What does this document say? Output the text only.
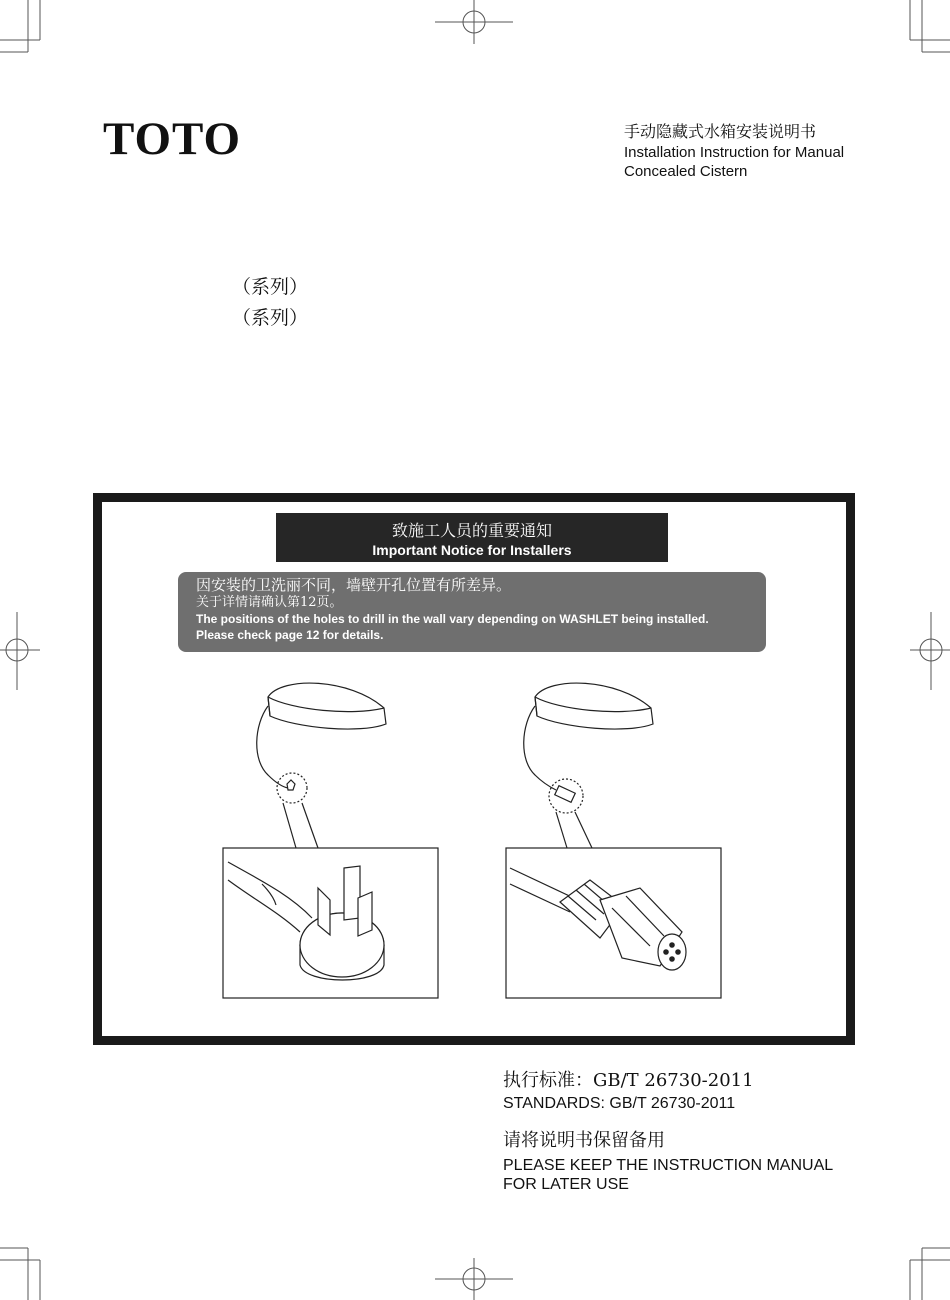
TOTO	手动隐藏式水箱安装说明书
Installation Instruction for Manual
Concealed Cistern
（系列）
（系列）
致施工人员的重要通知
Important Notice for Installers
因安装的卫洗丽不同，墙壁开孔位置有所差异。
关于详情请确认第12页。
The positions of the holes to drill in the wall vary depending on WASHLET being installed.
Please check page 12 for details.
执行标准：GB/T 26730-2011
STANDARDS: GB/T 26730-2011
请将说明书保留备用
PLEASE KEEP THE INSTRUCTION MANUAL
FOR LATER USE
